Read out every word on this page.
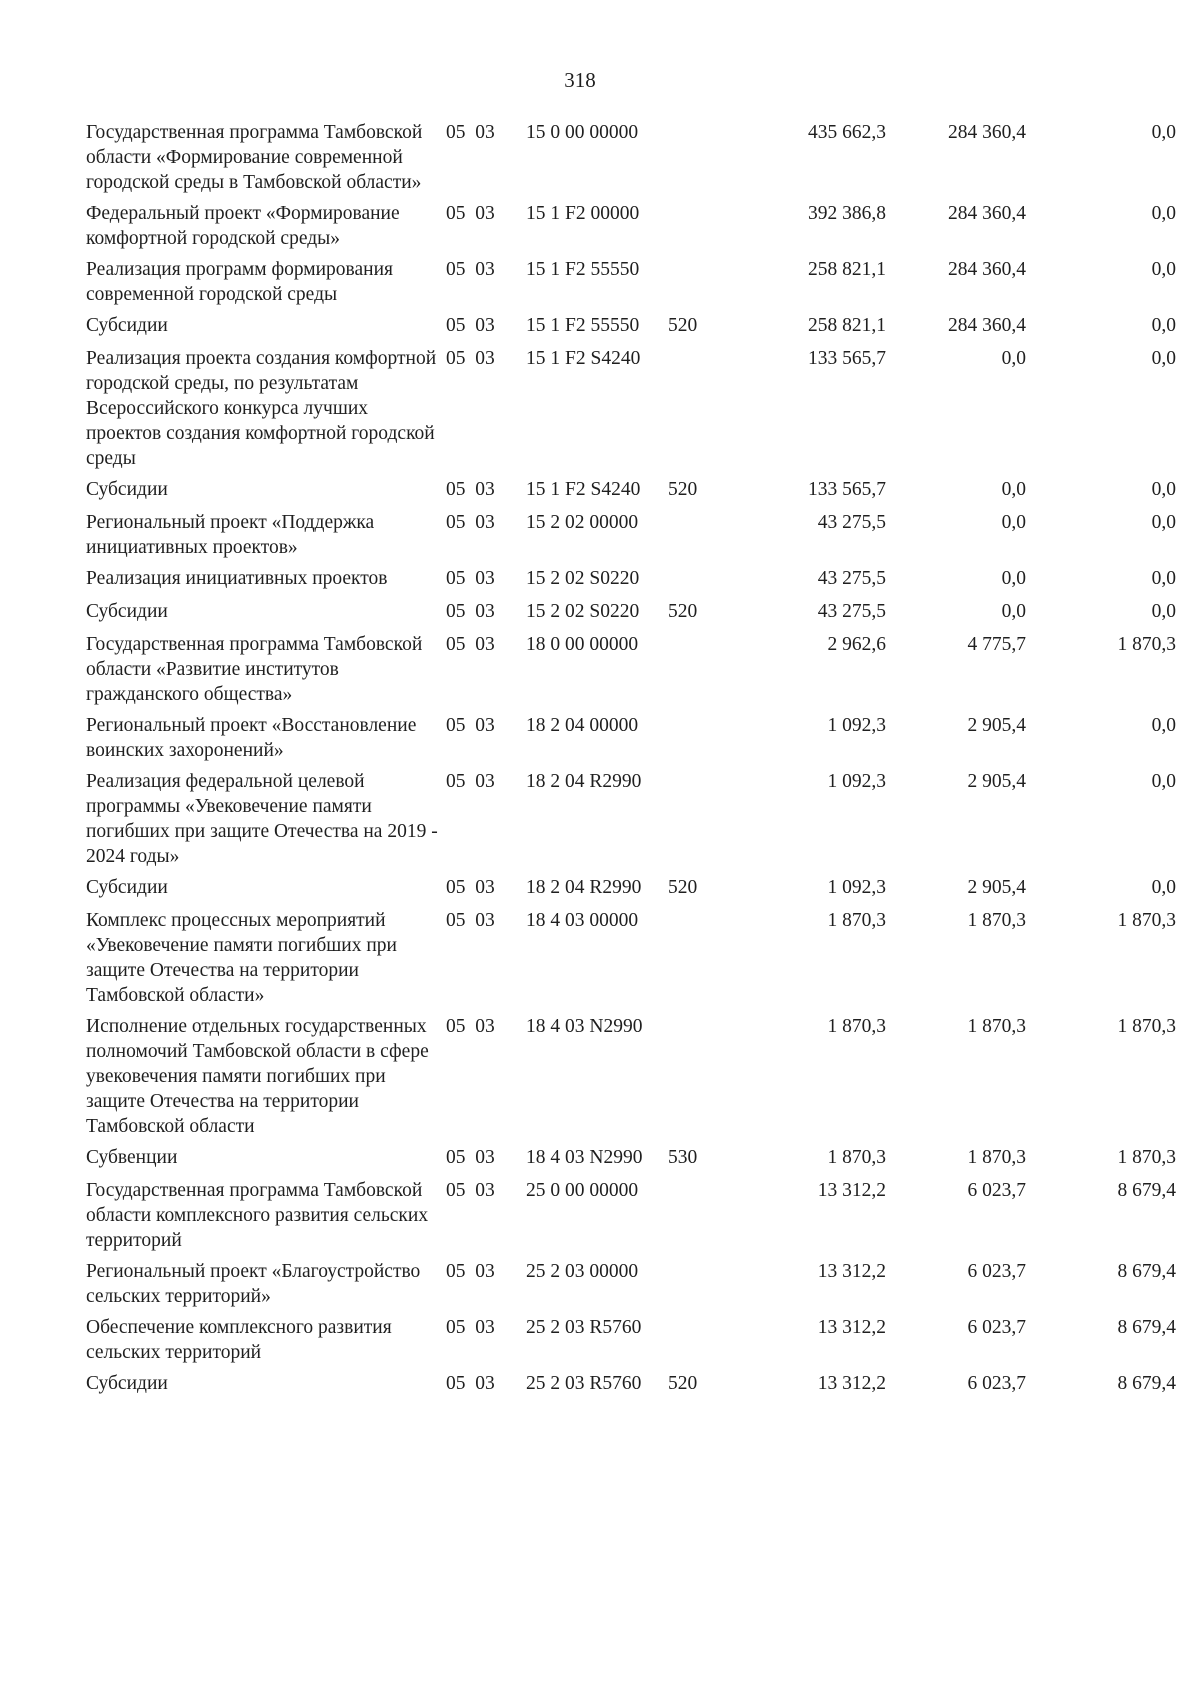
318
Государственная программа Тамбовской области «Формирование современной городской среды в Тамбовской области»	05  03	15 0 00 00000		435 662,3	284 360,4	0,0
Федеральный проект «Формирование комфортной городской среды»	05  03	15 1 F2 00000		392 386,8	284 360,4	0,0
Реализация программ формирования современной городской среды	05  03	15 1 F2 55550		258 821,1	284 360,4	0,0
Субсидии	05  03	15 1 F2 55550	520	258 821,1	284 360,4	0,0
Реализация проекта создания комфортной городской среды, по результатам Всероссийского конкурса лучших проектов создания комфортной городской среды	05  03	15 1 F2 S4240		133 565,7	0,0	0,0
Субсидии	05  03	15 1 F2 S4240	520	133 565,7	0,0	0,0
Региональный проект «Поддержка инициативных проектов»	05  03	15 2 02 00000		43 275,5	0,0	0,0
Реализация инициативных проектов	05  03	15 2 02 S0220		43 275,5	0,0	0,0
Субсидии	05  03	15 2 02 S0220	520	43 275,5	0,0	0,0
Государственная программа Тамбовской области «Развитие институтов гражданского общества»	05  03	18 0 00 00000		2 962,6	4 775,7	1 870,3
Региональный проект «Восстановление воинских захоронений»	05  03	18 2 04 00000		1 092,3	2 905,4	0,0
Реализация федеральной целевой программы «Увековечение памяти погибших при защите Отечества на 2019 - 2024 годы»	05  03	18 2 04 R2990		1 092,3	2 905,4	0,0
Субсидии	05  03	18 2 04 R2990	520	1 092,3	2 905,4	0,0
Комплекс процессных мероприятий «Увековечение памяти погибших при защите Отечества на территории Тамбовской области»	05  03	18 4 03 00000		1 870,3	1 870,3	1 870,3
Исполнение отдельных государственных полномочий Тамбовской области в сфере увековечения памяти погибших при защите Отечества на территории Тамбовской области	05  03	18 4 03 N2990		1 870,3	1 870,3	1 870,3
Субвенции	05  03	18 4 03 N2990	530	1 870,3	1 870,3	1 870,3
Государственная программа Тамбовской области комплексного развития сельских территорий	05  03	25 0 00 00000		13 312,2	6 023,7	8 679,4
Региональный проект «Благоустройство сельских территорий»	05  03	25 2 03 00000		13 312,2	6 023,7	8 679,4
Обеспечение комплексного развития сельских территорий	05  03	25 2 03 R5760		13 312,2	6 023,7	8 679,4
Субсидии	05  03	25 2 03 R5760	520	13 312,2	6 023,7	8 679,4
